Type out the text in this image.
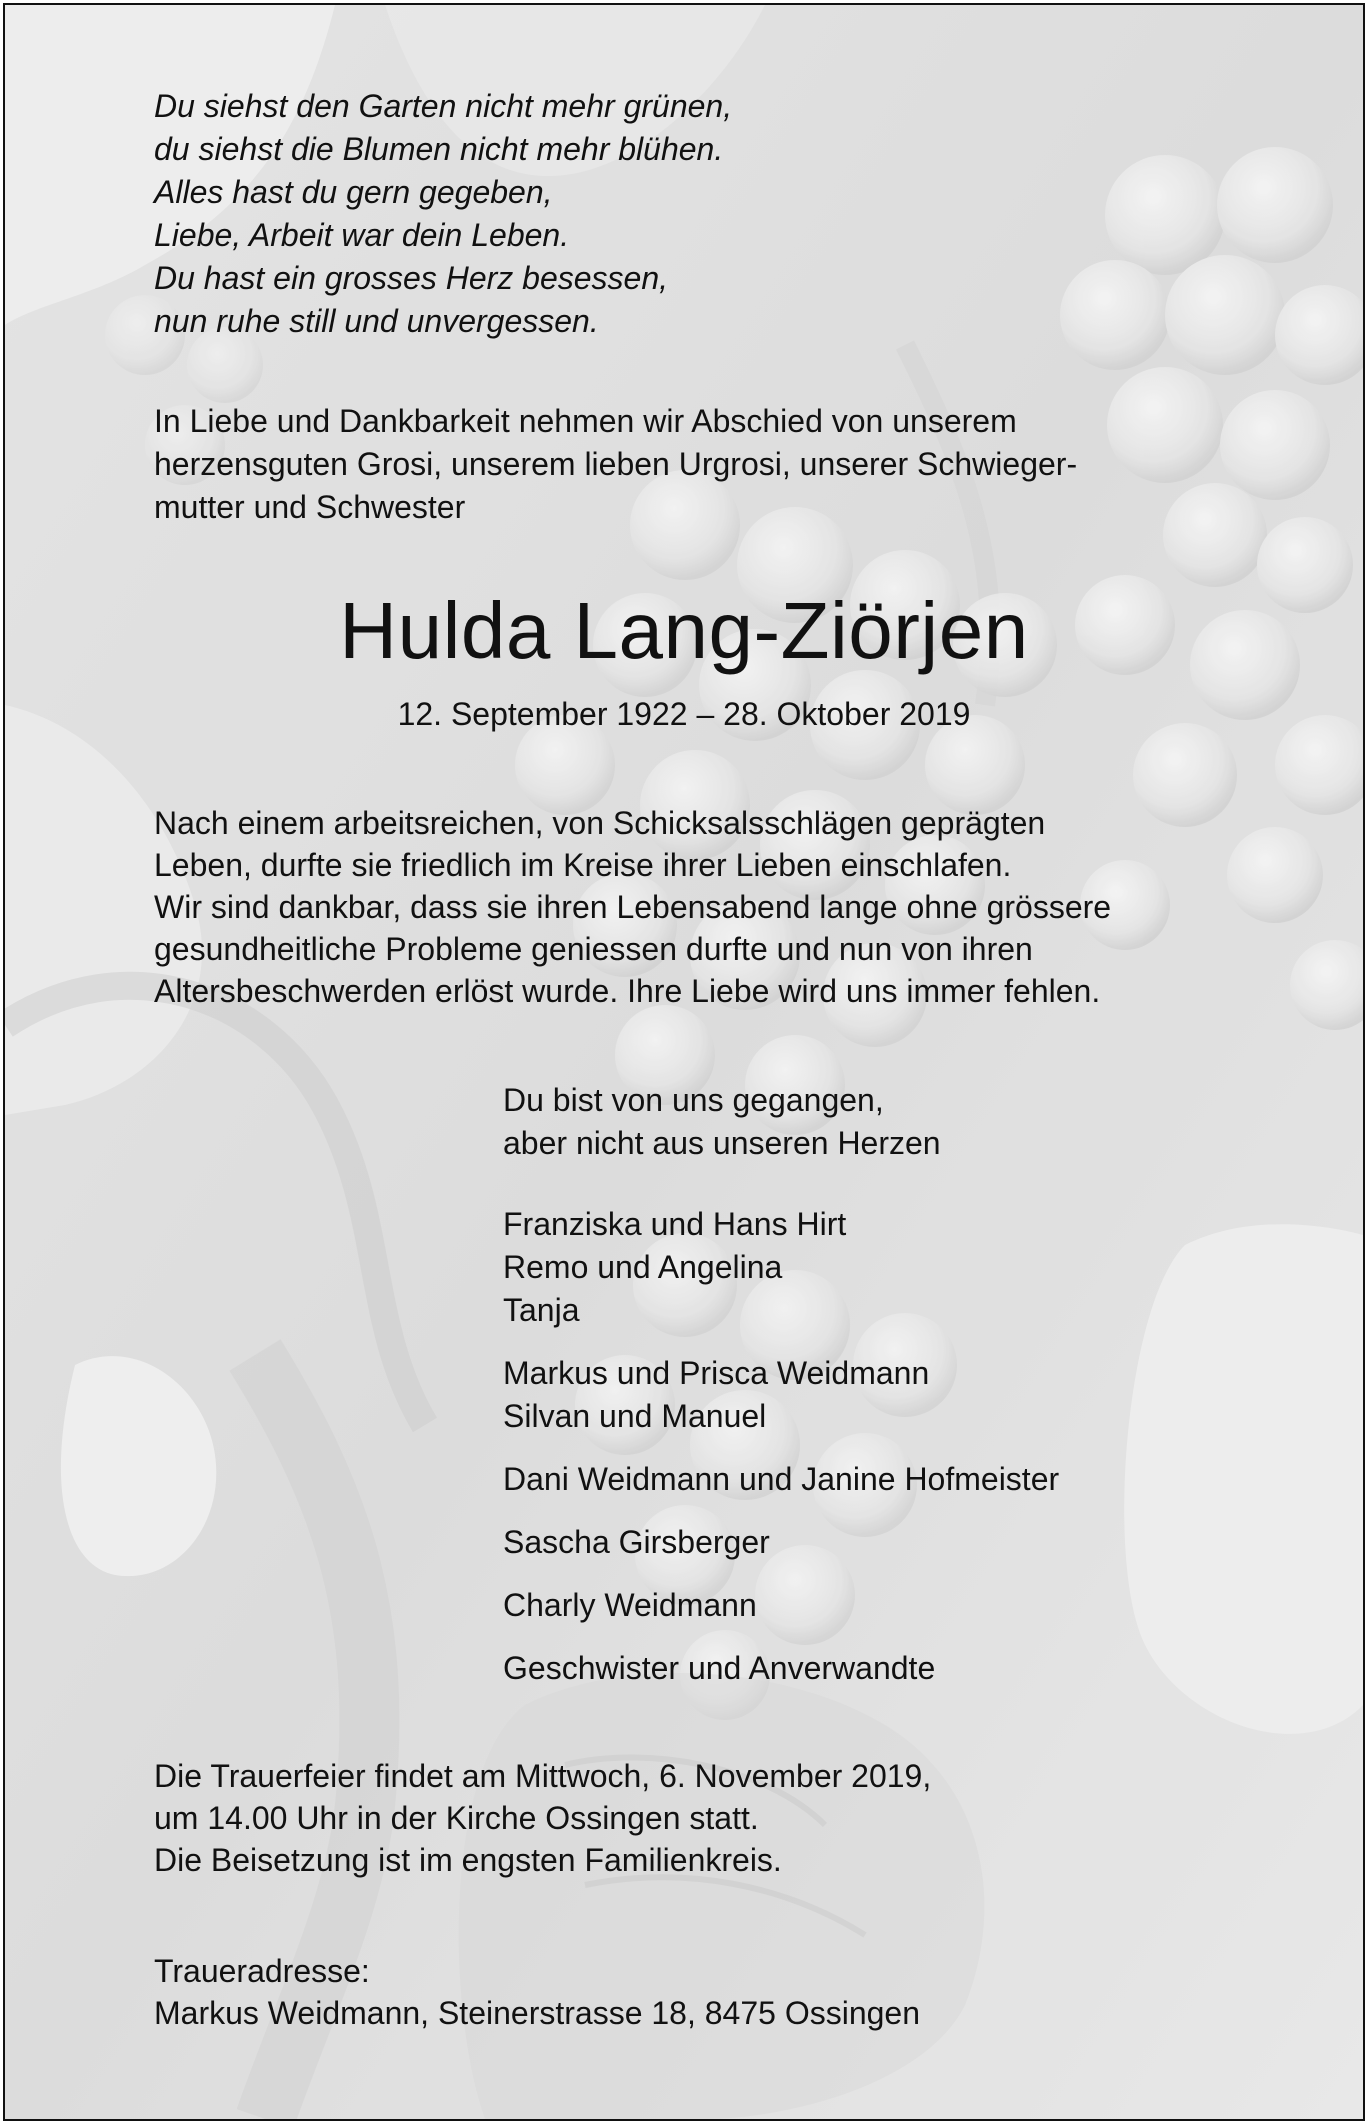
Du siehst den Garten nicht mehr grünen,
du siehst die Blumen nicht mehr blühen.
Alles hast du gern gegeben,
Liebe, Arbeit war dein Leben.
Du hast ein grosses Herz besessen,
nun ruhe still und unvergessen.
In Liebe und Dankbarkeit nehmen wir Abschied von unserem
herzensguten Grosi, unserem lieben Urgrosi, unserer Schwieger-
mutter und Schwester
Hulda Lang-Ziörjen
12. September 1922 – 28. Oktober 2019
Nach einem arbeitsreichen, von Schicksalsschlägen geprägten
Leben, durfte sie friedlich im Kreise ihrer Lieben einschlafen.
Wir sind dankbar, dass sie ihren Lebensabend lange ohne grössere
gesundheitliche Probleme geniessen durfte und nun von ihren
Altersbeschwerden erlöst wurde. Ihre Liebe wird uns immer fehlen.
Du bist von uns gegangen,
aber nicht aus unseren Herzen
Franziska und Hans Hirt
Remo und Angelina
Tanja
Markus und Prisca Weidmann
Silvan und Manuel
Dani Weidmann und Janine Hofmeister
Sascha Girsberger
Charly Weidmann
Geschwister und Anverwandte
Die Trauerfeier findet am Mittwoch, 6. November 2019,
um 14.00 Uhr in der Kirche Ossingen statt.
Die Beisetzung ist im engsten Familienkreis.
Traueradresse:
Markus Weidmann, Steinerstrasse 18, 8475 Ossingen
